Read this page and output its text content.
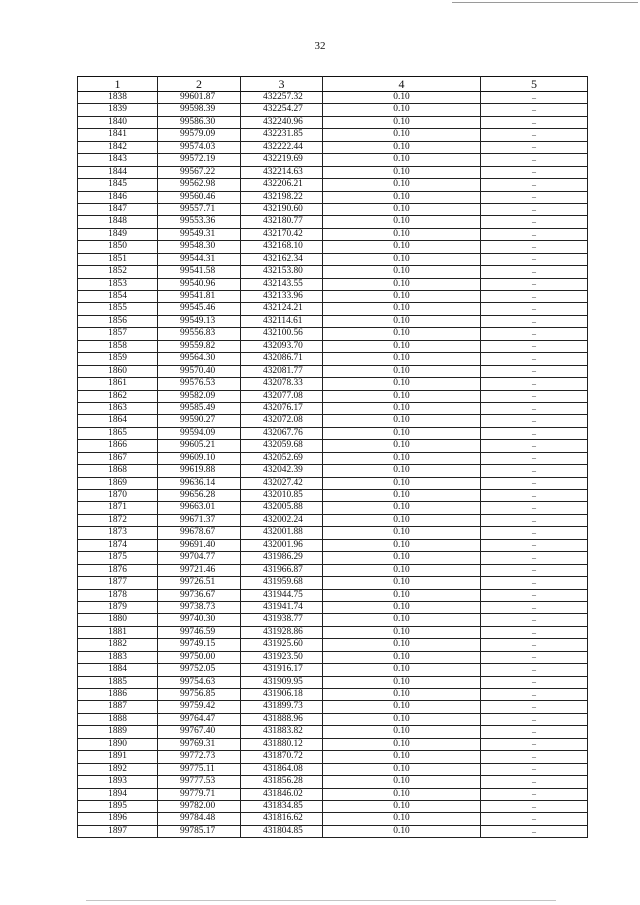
32
1	2	3	4	5
1838	99601.87	432257.32	0.10	–
1839	99598.39	432254.27	0.10	–
1840	99586.30	432240.96	0.10	–
1841	99579.09	432231.85	0.10	–
1842	99574.03	432222.44	0.10	–
1843	99572.19	432219.69	0.10	–
1844	99567.22	432214.63	0.10	–
1845	99562.98	432206.21	0.10	–
1846	99560.46	432198.22	0.10	–
1847	99557.71	432190.60	0.10	–
1848	99553.36	432180.77	0.10	–
1849	99549.31	432170.42	0.10	–
1850	99548.30	432168.10	0.10	–
1851	99544.31	432162.34	0.10	–
1852	99541.58	432153.80	0.10	–
1853	99540.96	432143.55	0.10	–
1854	99541.81	432133.96	0.10	–
1855	99545.46	432124.21	0.10	–
1856	99549.13	432114.61	0.10	–
1857	99556.83	432100.56	0.10	–
1858	99559.82	432093.70	0.10	–
1859	99564.30	432086.71	0.10	–
1860	99570.40	432081.77	0.10	–
1861	99576.53	432078.33	0.10	–
1862	99582.09	432077.08	0.10	–
1863	99585.49	432076.17	0.10	–
1864	99590.27	432072.08	0.10	–
1865	99594.09	432067.76	0.10	–
1866	99605.21	432059.68	0.10	–
1867	99609.10	432052.69	0.10	–
1868	99619.88	432042.39	0.10	–
1869	99636.14	432027.42	0.10	–
1870	99656.28	432010.85	0.10	–
1871	99663.01	432005.88	0.10	–
1872	99671.37	432002.24	0.10	–
1873	99678.67	432001.88	0.10	–
1874	99691.40	432001.96	0.10	–
1875	99704.77	431986.29	0.10	–
1876	99721.46	431966.87	0.10	–
1877	99726.51	431959.68	0.10	–
1878	99736.67	431944.75	0.10	–
1879	99738.73	431941.74	0.10	–
1880	99740.30	431938.77	0.10	–
1881	99746.59	431928.86	0.10	–
1882	99749.15	431925.60	0.10	–
1883	99750.00	431923.50	0.10	–
1884	99752.05	431916.17	0.10	–
1885	99754.63	431909.95	0.10	–
1886	99756.85	431906.18	0.10	–
1887	99759.42	431899.73	0.10	–
1888	99764.47	431888.96	0.10	–
1889	99767.40	431883.82	0.10	–
1890	99769.31	431880.12	0.10	–
1891	99772.73	431870.72	0.10	–
1892	99775.11	431864.08	0.10	–
1893	99777.53	431856.28	0.10	–
1894	99779.71	431846.02	0.10	–
1895	99782.00	431834.85	0.10	–
1896	99784.48	431816.62	0.10	–
1897	99785.17	431804.85	0.10	–
